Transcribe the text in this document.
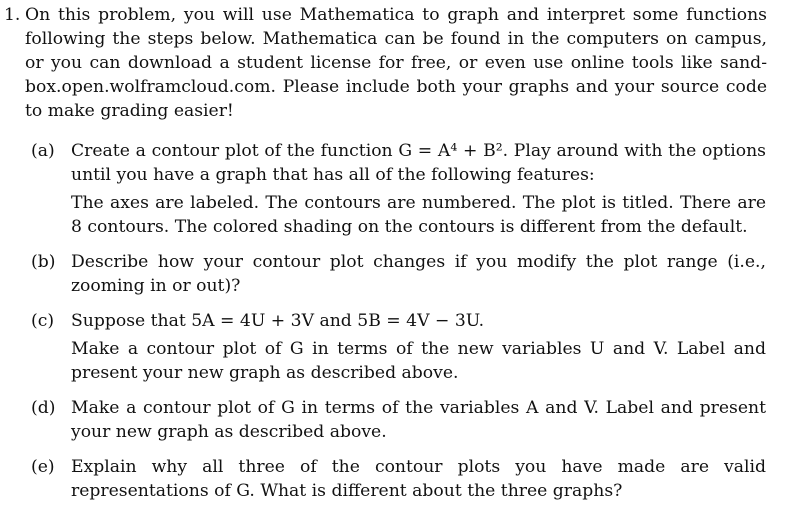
1. On this problem, you will use Mathematica to graph and interpret some functions following the steps below. Mathematica can be found in the computers on campus, or you can download a student license for free, or even use online tools like sand-box.open.wolframcloud.com. Please include both your graphs and your source code to make grading easier!
(a) Create a contour plot of the function G = A⁴ + B². Play around with the options until you have a graph that has all of the following features:

The axes are labeled. The contours are numbered. The plot is titled. There are 8 contours. The colored shading on the contours is different from the default.

(b) Describe how your contour plot changes if you modify the plot range (i.e., zooming in or out)?

(c) Suppose that 5A = 4U + 3V and 5B = 4V − 3U.

Make a contour plot of G in terms of the new variables U and V. Label and present your new graph as described above.

(d) Make a contour plot of G in terms of the variables A and V. Label and present your new graph as described above.

(e) Explain why all three of the contour plots you have made are valid representations of G. What is different about the three graphs?
